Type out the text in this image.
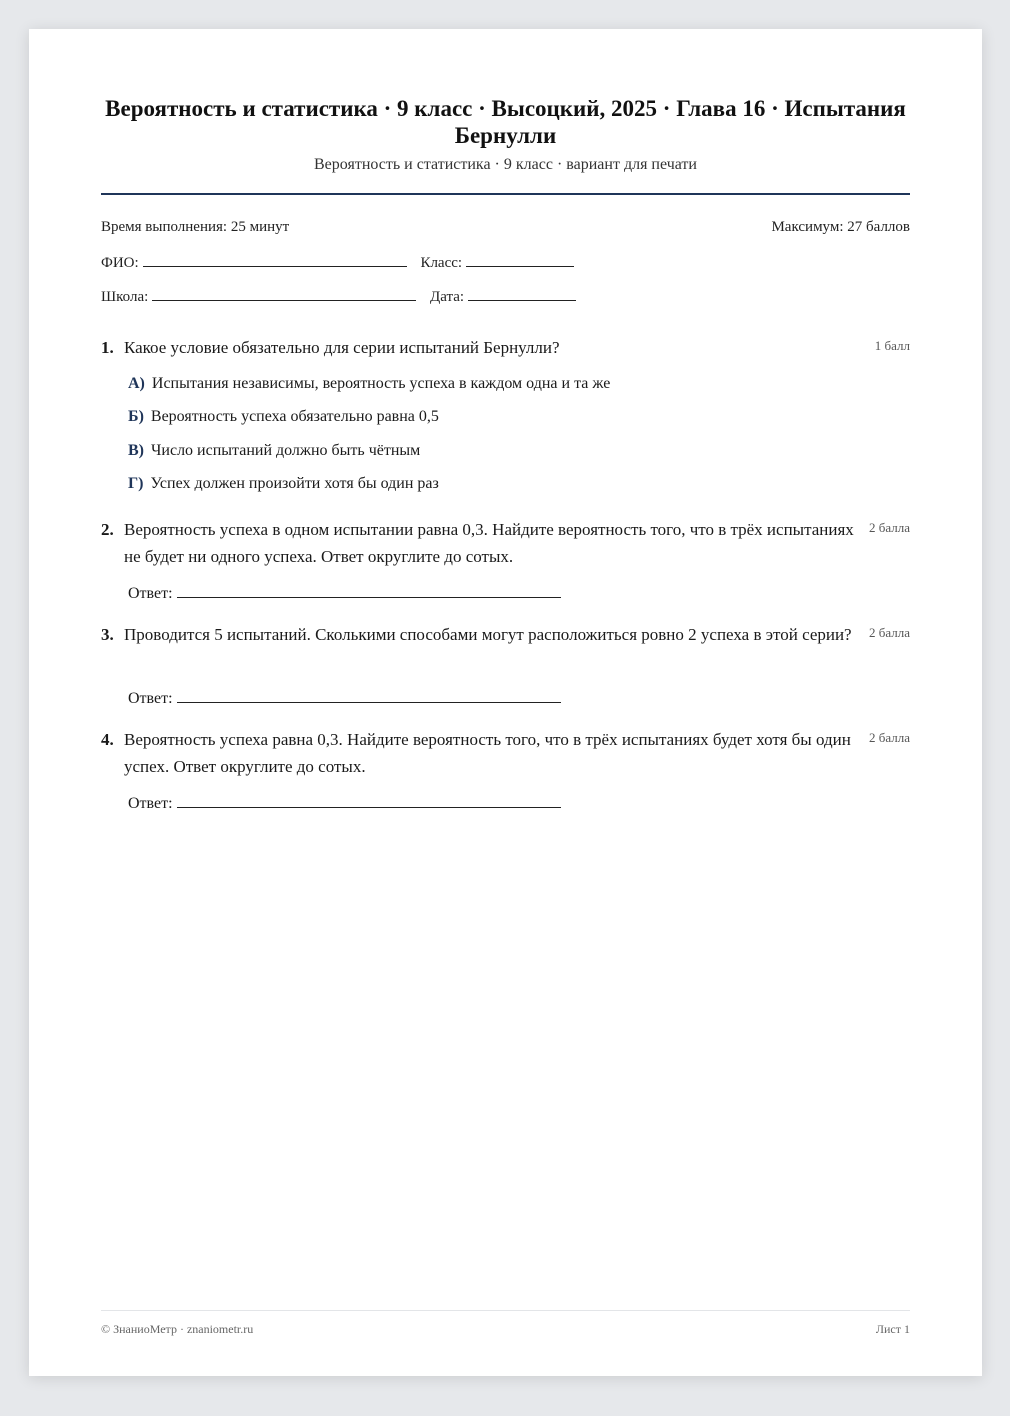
Вероятность и статистика · 9 класс · Высоцкий, 2025 · Глава 16 · Испытания Бернулли
Вероятность и статистика · 9 класс · вариант для печати
Время выполнения: 25 минут	Максимум: 27 баллов
ФИО:	Класс:
Школа:	Дата:
1. Какое условие обязательно для серии испытаний Бернулли?	1 балл
А) Испытания независимы, вероятность успеха в каждом одна и та же
Б) Вероятность успеха обязательно равна 0,5
В) Число испытаний должно быть чётным
Г) Успех должен произойти хотя бы один раз
2. Вероятность успеха в одном испытании равна 0,3. Найдите вероятность того, что в трёх испытаниях не будет ни одного успеха. Ответ округлите до сотых.
2 балла
Ответ:
3. Проводится 5 испытаний. Сколькими способами могут расположиться ровно 2 успеха в этой серии? 2 балла
Ответ:
4. Вероятность успеха равна 0,3. Найдите вероятность того, что в трёх испытаниях будет хотя бы один успех. Ответ округлите до сотых.
2 балла
Ответ:
© ЗнаниоМетр · znaniometr.ru	Лист 1
